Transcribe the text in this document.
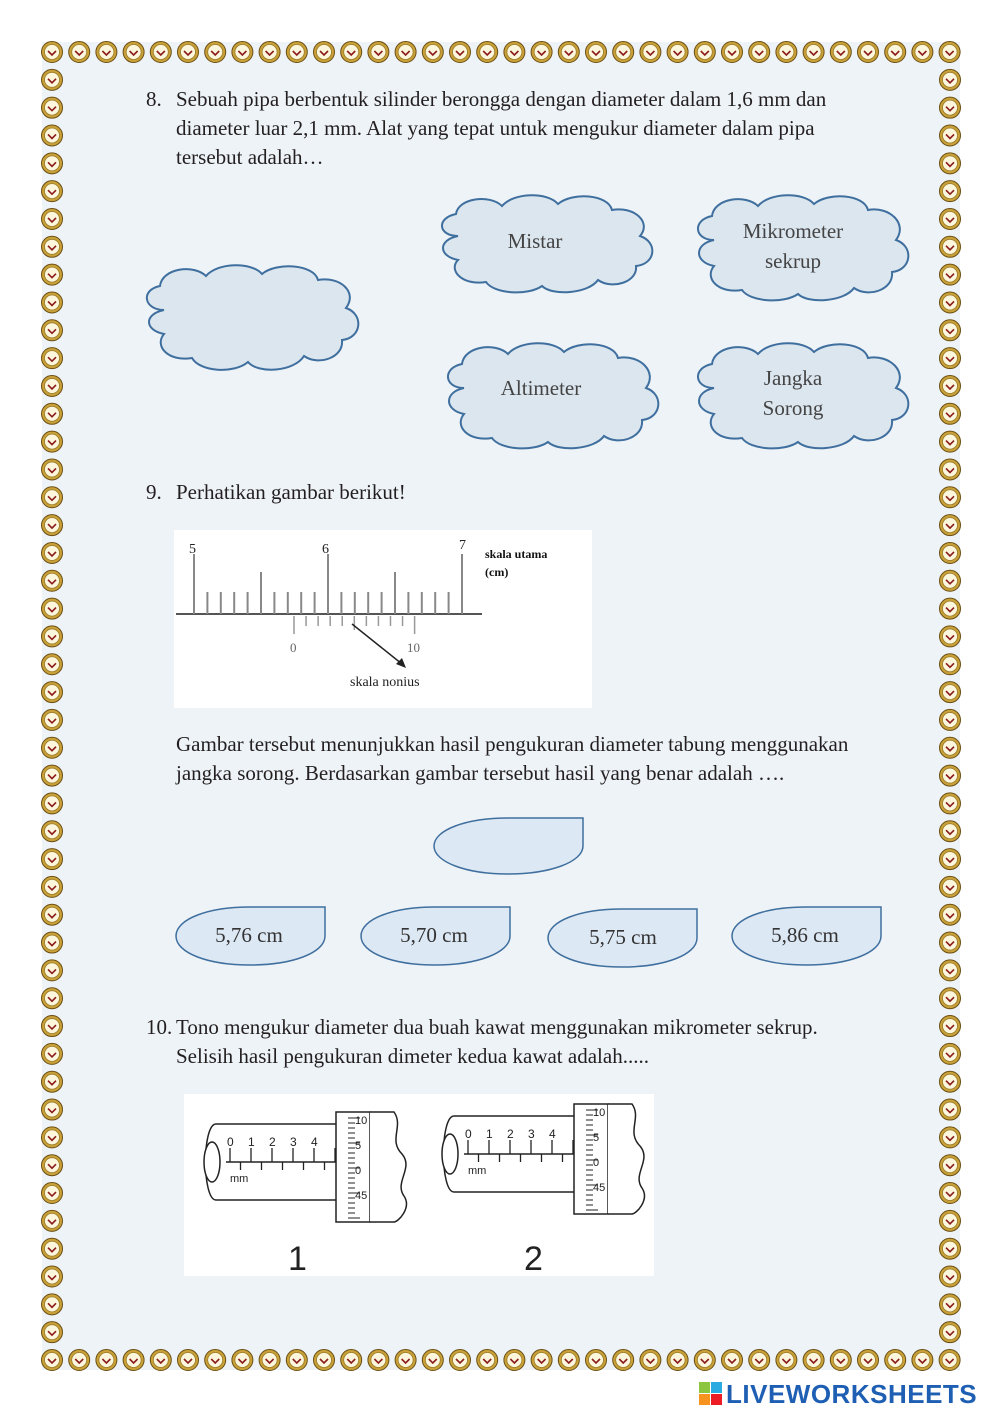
8. Sebuah pipa berbentuk silinder berongga dengan diameter dalam 1,6 mm dan
diameter luar 2,1 mm. Alat yang tepat untuk mengukur diameter dalam pipa
tersebut adalah…
Mistar	Mikrometer
sekrup
Altimeter	Jangka
Sorong
9. Perhatikan gambar berikut!
5	6	7
skala utama
(cm)
0	10
skala nonius
Gambar tersebut menunjukkan hasil pengukuran diameter tabung menggunakan
jangka sorong. Berdasarkan gambar tersebut hasil yang benar adalah ….
5,76 cm	5,70 cm	5,75 cm	5,86 cm
10. Tono mengukur diameter dua buah kawat menggunakan mikrometer sekrup.
Selisih hasil pengukuran dimeter kedua kawat adalah.....
0 1 2 3 4
mm
10
5
0
45
0 1 2 3 4
mm
10
5
0
45
1	2
LIVEWORKSHEETS
